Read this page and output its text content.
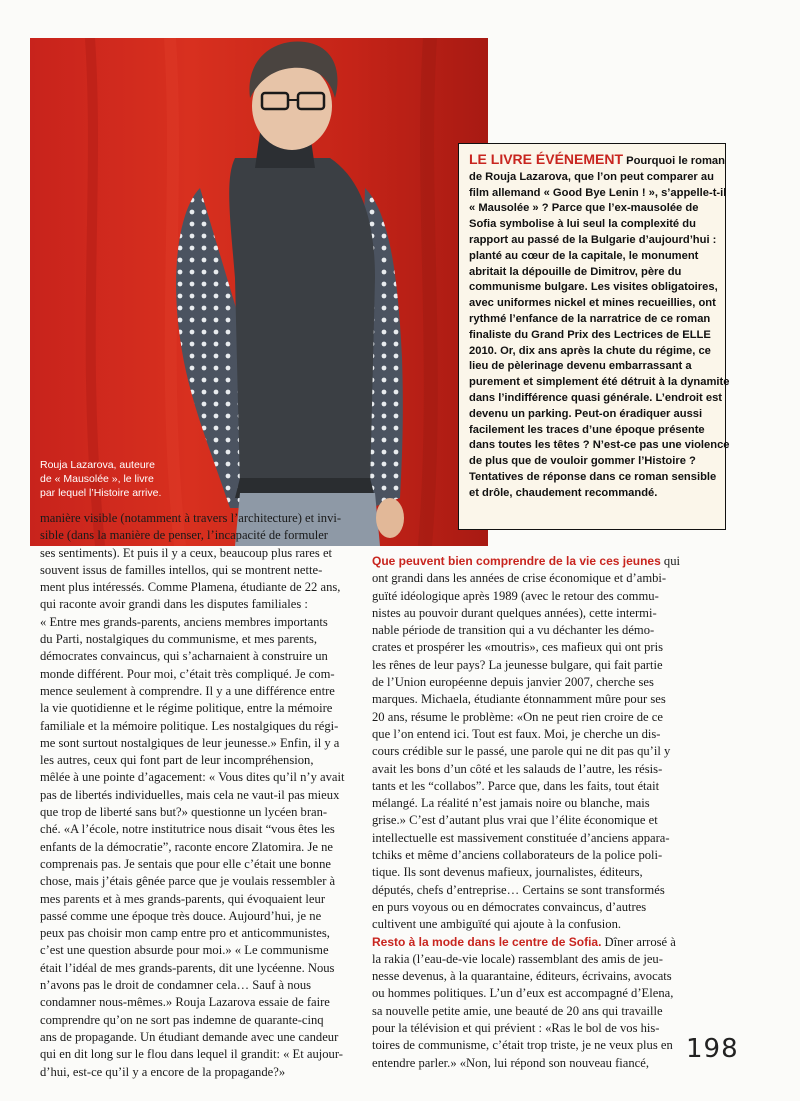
Rouja Lazarova, auteure
de « Mausolée », le livre
par lequel l’Histoire arrive.
LE LIVRE ÉVÉNEMENT Pourquoi le roman
de Rouja Lazarova, que l’on peut comparer au
film allemand « Good Bye Lenin ! », s’appelle-t-il
« Mausolée » ? Parce que l’ex-mausolée de
Sofia symbolise à lui seul la complexité du
rapport au passé de la Bulgarie d’aujourd’hui :
planté au cœur de la capitale, le monument
abritait la dépouille de Dimitrov, père du
communisme bulgare. Les visites obligatoires,
avec uniformes nickel et mines recueillies, ont
rythmé l’enfance de la narratrice de ce roman
finaliste du Grand Prix des Lectrices de ELLE
2010. Or, dix ans après la chute du régime, ce
lieu de pèlerinage devenu embarrassant a
purement et simplement été détruit à la dynamite
dans l’indifférence quasi générale. L’endroit est
devenu un parking. Peut-on éradiquer aussi
facilement les traces d’une époque présente
dans toutes les têtes ? N’est-ce pas une violence
de plus que de vouloir gommer l’Histoire ?
Tentatives de réponse dans ce roman sensible
et drôle, chaudement recommandé.
manière visible (notamment à travers l’architecture) et invi-
sible (dans la manière de penser, l’incapacité de formuler
ses sentiments). Et puis il y a ceux, beaucoup plus rares et
souvent issus de familles intellos, qui se montrent nette-
ment plus intéressés. Comme Plamena, étudiante de 22 ans,
qui raconte avoir grandi dans les disputes familiales :
« Entre mes grands-parents, anciens membres importants
du Parti, nostalgiques du communisme, et mes parents,
démocrates convaincus, qui s’acharnaient à construire un
monde différent. Pour moi, c’était très compliqué. Je com-
mence seulement à comprendre. Il y a une différence entre
la vie quotidienne et le régime politique, entre la mémoire
familiale et la mémoire politique. Les nostalgiques du régi-
me sont surtout nostalgiques de leur jeunesse.» Enfin, il y a
les autres, ceux qui font part de leur incompréhension,
mêlée à une pointe d’agacement: « Vous dites qu’il n’y avait
pas de libertés individuelles, mais cela ne vaut-il pas mieux
que trop de liberté sans but?» questionne un lycéen bran-
ché. «A l’école, notre institutrice nous disait “vous êtes les
enfants de la démocratie”, raconte encore Zlatomira. Je ne
comprenais pas. Je sentais que pour elle c’était une bonne
chose, mais j’étais gênée parce que je voulais ressembler à
mes parents et à mes grands-parents, qui évoquaient leur
passé comme une époque très douce. Aujourd’hui, je ne
peux pas choisir mon camp entre pro et anticommunistes,
c’est une question absurde pour moi.» « Le communisme
était l’idéal de mes grands-parents, dit une lycéenne. Nous
n’avons pas le droit de condamner cela… Sauf à nous
condamner nous-mêmes.» Rouja Lazarova essaie de faire
comprendre qu’on ne sort pas indemne de quarante-cinq
ans de propagande. Un étudiant demande avec une candeur
qui en dit long sur le flou dans lequel il grandit: « Et aujour-
d’hui, est-ce qu’il y a encore de la propagande?»
Que peuvent bien comprendre de la vie ces jeunes qui
ont grandi dans les années de crise économique et d’ambi-
guïté idéologique après 1989 (avec le retour des commu-
nistes au pouvoir durant quelques années), cette intermi-
nable période de transition qui a vu déchanter les démo-
crates et prospérer les «moutris», ces mafieux qui ont pris
les rênes de leur pays? La jeunesse bulgare, qui fait partie
de l’Union européenne depuis janvier 2007, cherche ses
marques. Michaela, étudiante étonnamment mûre pour ses
20 ans, résume le problème: «On ne peut rien croire de ce
que l’on entend ici. Tout est faux. Moi, je cherche un dis-
cours crédible sur le passé, une parole qui ne dit pas qu’il y
avait les bons d’un côté et les salauds de l’autre, les résis-
tants et les “collabos”. Parce que, dans les faits, tout était
mélangé. La réalité n’est jamais noire ou blanche, mais
grise.» C’est d’autant plus vrai que l’élite économique et
intellectuelle est massivement constituée d’anciens appara-
tchiks et même d’anciens collaborateurs de la police poli-
tique. Ils sont devenus mafieux, journalistes, éditeurs,
députés, chefs d’entreprise… Certains se sont transformés
en purs voyous ou en démocrates convaincus, d’autres
cultivent une ambiguïté qui ajoute à la confusion.
Resto à la mode dans le centre de Sofia. Dîner arrosé à
la rakia (l’eau-de-vie locale) rassemblant des amis de jeu-
nesse devenus, à la quarantaine, éditeurs, écrivains, avocats
ou hommes politiques. L’un d’eux est accompagné d’Elena,
sa nouvelle petite amie, une beauté de 20 ans qui travaille
pour la télévision et qui prévient : «Ras le bol de vos his-
toires de communisme, c’était trop triste, je ne veux plus en
entendre parler.» «Non, lui répond son nouveau fiancé,	198
